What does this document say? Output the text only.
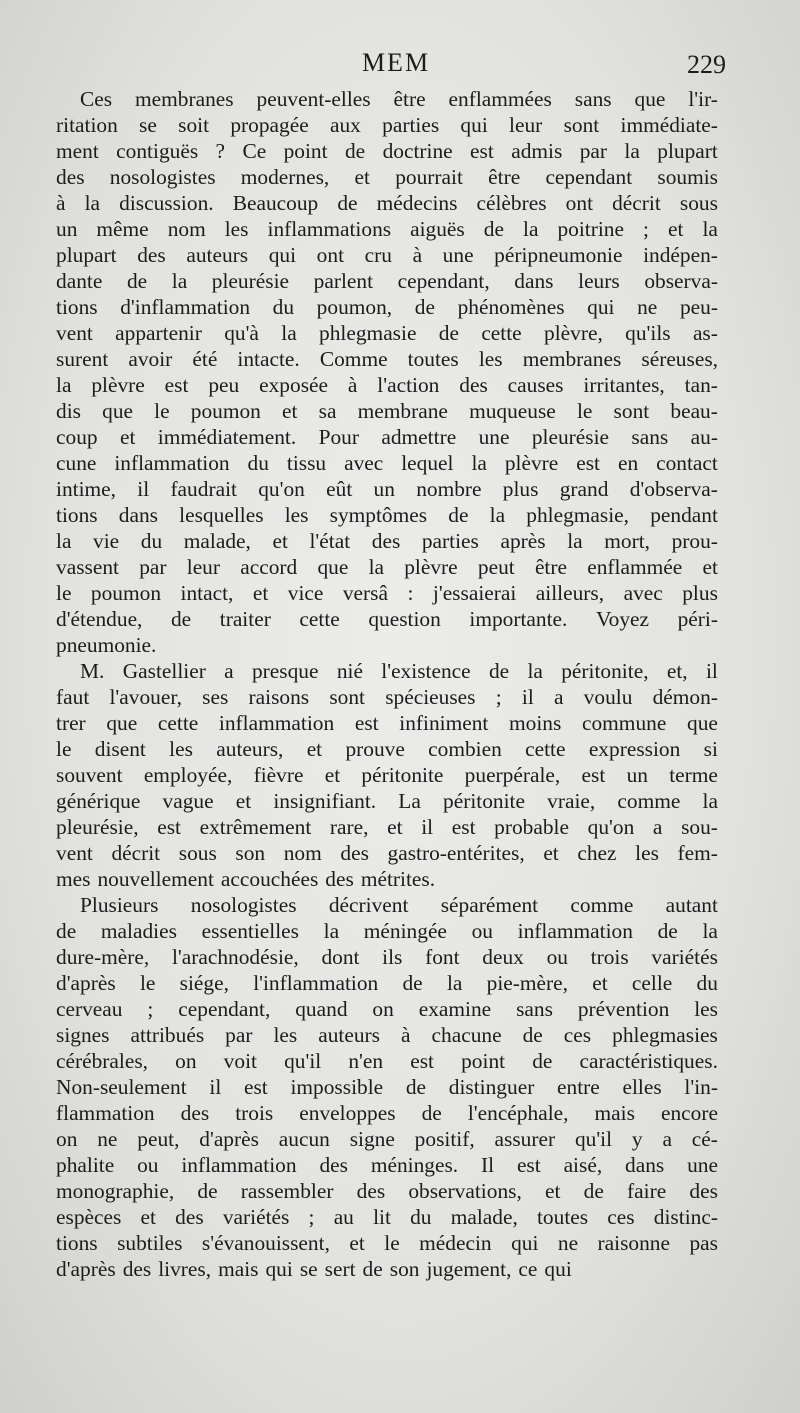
MEM	229
Ces membranes peuvent-elles être enflammées sans que l'ir-
ritation se soit propagée aux parties qui leur sont immédiate-
ment contiguës ? Ce point de doctrine est admis par la plupart
des nosologistes modernes, et pourrait être cependant soumis
à la discussion. Beaucoup de médecins célèbres ont décrit sous
un même nom les inflammations aiguës de la poitrine ; et la
plupart des auteurs qui ont cru à une péripneumonie indépen-
dante de la pleurésie parlent cependant, dans leurs observa-
tions d'inflammation du poumon, de phénomènes qui ne peu-
vent appartenir qu'à la phlegmasie de cette plèvre, qu'ils as-
surent avoir été intacte. Comme toutes les membranes séreuses,
la plèvre est peu exposée à l'action des causes irritantes, tan-
dis que le poumon et sa membrane muqueuse le sont beau-
coup et immédiatement. Pour admettre une pleurésie sans au-
cune inflammation du tissu avec lequel la plèvre est en contact
intime, il faudrait qu'on eût un nombre plus grand d'observa-
tions dans lesquelles les symptômes de la phlegmasie, pendant
la vie du malade, et l'état des parties après la mort, prou-
vassent par leur accord que la plèvre peut être enflammée et
le poumon intact, et vice versâ : j'essaierai ailleurs, avec plus
d'étendue, de traiter cette question importante. Voyez péri-
pneumonie.
M. Gastellier a presque nié l'existence de la péritonite, et, il
faut l'avouer, ses raisons sont spécieuses ; il a voulu démon-
trer que cette inflammation est infiniment moins commune que
le disent les auteurs, et prouve combien cette expression si
souvent employée, fièvre et péritonite puerpérale, est un terme
générique vague et insignifiant. La péritonite vraie, comme la
pleurésie, est extrêmement rare, et il est probable qu'on a sou-
vent décrit sous son nom des gastro-entérites, et chez les fem-
mes nouvellement accouchées des métrites.
Plusieurs nosologistes décrivent séparément comme autant
de maladies essentielles la méningée ou inflammation de la
dure-mère, l'arachnodésie, dont ils font deux ou trois variétés
d'après le siége, l'inflammation de la pie-mère, et celle du
cerveau ; cependant, quand on examine sans prévention les
signes attribués par les auteurs à chacune de ces phlegmasies
cérébrales, on voit qu'il n'en est point de caractéristiques.
Non-seulement il est impossible de distinguer entre elles l'in-
flammation des trois enveloppes de l'encéphale, mais encore
on ne peut, d'après aucun signe positif, assurer qu'il y a cé-
phalite ou inflammation des méninges. Il est aisé, dans une
monographie, de rassembler des observations, et de faire des
espèces et des variétés ; au lit du malade, toutes ces distinc-
tions subtiles s'évanouissent, et le médecin qui ne raisonne pas
d'après des livres, mais qui se sert de son jugement, ce qui
